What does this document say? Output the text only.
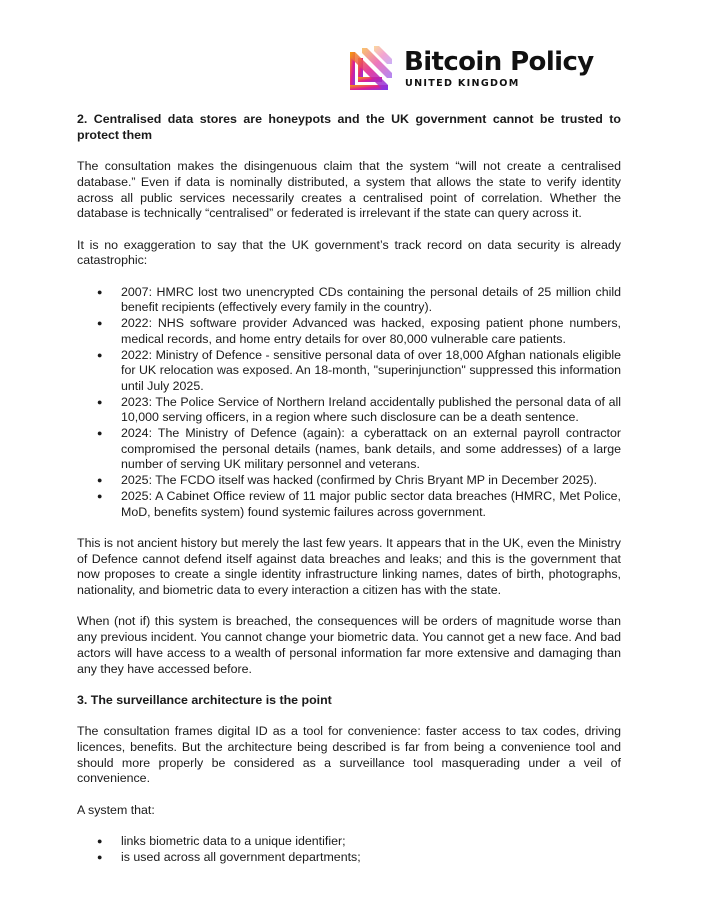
Bitcoin Policy
UNITED KINGDOM
2. Centralised data stores are honeypots and the UK government cannot be trusted to protect them

The consultation makes the disingenuous claim that the system “will not create a centralised database.” Even if data is nominally distributed, a system that allows the state to verify identity across all public services necessarily creates a centralised point of correlation. Whether the database is technically “centralised” or federated is irrelevant if the state can query across it.

It is no exaggeration to say that the UK government’s track record on data security is already catastrophic:

● 2007: HMRC lost two unencrypted CDs containing the personal details of 25 million child benefit recipients (effectively every family in the country).
● 2022: NHS software provider Advanced was hacked, exposing patient phone numbers, medical records, and home entry details for over 80,000 vulnerable care patients.
● 2022: Ministry of Defence - sensitive personal data of over 18,000 Afghan nationals eligible for UK relocation was exposed. An 18-month, "superinjunction" suppressed this information until July 2025.
● 2023: The Police Service of Northern Ireland accidentally published the personal data of all 10,000 serving officers, in a region where such disclosure can be a death sentence.
● 2024: The Ministry of Defence (again): a cyberattack on an external payroll contractor compromised the personal details (names, bank details, and some addresses) of a large number of serving UK military personnel and veterans.
● 2025: The FCDO itself was hacked (confirmed by Chris Bryant MP in December 2025).
● 2025: A Cabinet Office review of 11 major public sector data breaches (HMRC, Met Police, MoD, benefits system) found systemic failures across government.

This is not ancient history but merely the last few years. It appears that in the UK, even the Ministry of Defence cannot defend itself against data breaches and leaks; and this is the government that now proposes to create a single identity infrastructure linking names, dates of birth, photographs, nationality, and biometric data to every interaction a citizen has with the state.

When (not if) this system is breached, the consequences will be orders of magnitude worse than any previous incident. You cannot change your biometric data. You cannot get a new face. And bad actors will have access to a wealth of personal information far more extensive and damaging than any they have accessed before.

3. The surveillance architecture is the point

The consultation frames digital ID as a tool for convenience: faster access to tax codes, driving licences, benefits. But the architecture being described is far from being a convenience tool and should more properly be considered as a surveillance tool masquerading under a veil of convenience.

A system that:

● links biometric data to a unique identifier;
● is used across all government departments;
